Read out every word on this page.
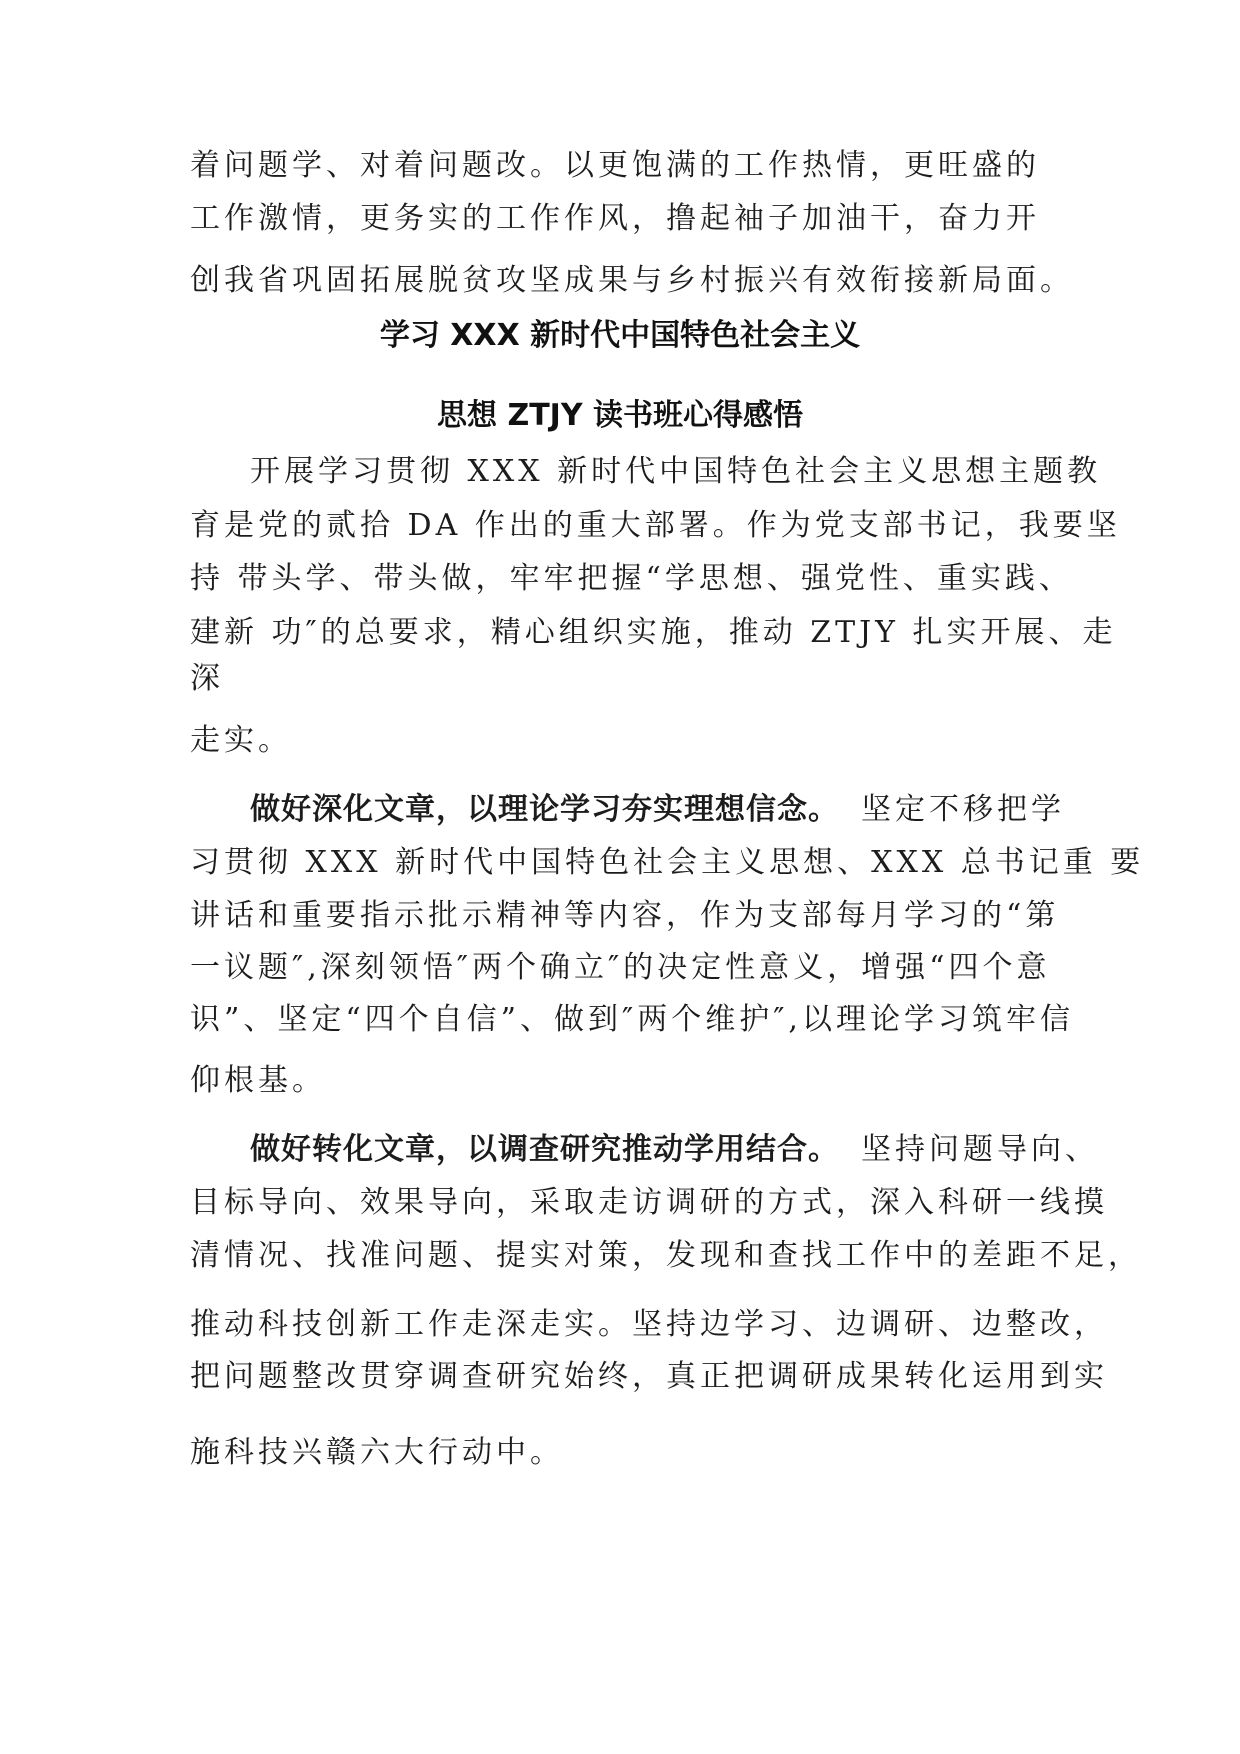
着问题学、对着问题改。以更饱满的工作热情，更旺盛的
工作激情，更务实的工作作风，撸起袖子加油干，奋力开
创我省巩固拓展脱贫攻坚成果与乡村振兴有效衔接新局面。
学习 XXX 新时代中国特色社会主义
思想 ZTJY 读书班心得感悟
开展学习贯彻 XXX 新时代中国特色社会主义思想主题教
育是党的贰拾 DA 作出的重大部署。作为党支部书记，我要坚
持 带头学、带头做，牢牢把握“学思想、强党性、重实践、
建新 功″的总要求，精心组织实施，推动 ZTJY 扎实开展、走
深
走实。
做好深化文章，以理论学习夯实理想信念。 坚定不移把学
习贯彻 XXX 新时代中国特色社会主义思想、XXX 总书记重 要
讲话和重要指示批示精神等内容，作为支部每月学习的“第
一议题″,深刻领悟″两个确立″的决定性意义，增强“四个意
识”、坚定“四个自信”、做到″两个维护″,以理论学习筑牢信
仰根基。
做好转化文章，以调查研究推动学用结合。 坚持问题导向、
目标导向、效果导向，采取走访调研的方式，深入科研一线摸
清情况、找准问题、提实对策，发现和查找工作中的差距不足，
推动科技创新工作走深走实。坚持边学习、边调研、边整改，
把问题整改贯穿调查研究始终，真正把调研成果转化运用到实
施科技兴赣六大行动中。
